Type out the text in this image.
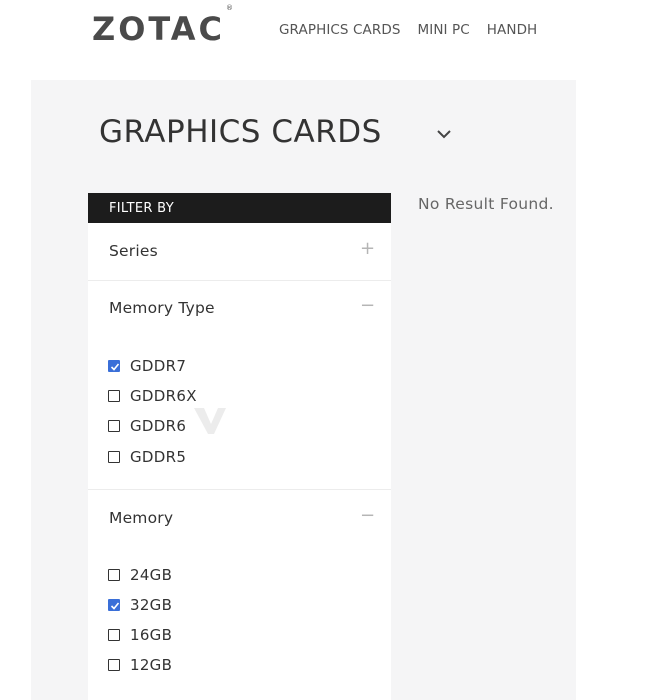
ZOTAC®
GRAPHICS CARDS MINI PC HANDH
GRAPHICS CARDS
FILTER BY
Series	+
Memory Type	−
GDDR7
GDDR6X
GDDR6
GDDR5
Memory	−
24GB
32GB
16GB
12GB
No Result Found.
